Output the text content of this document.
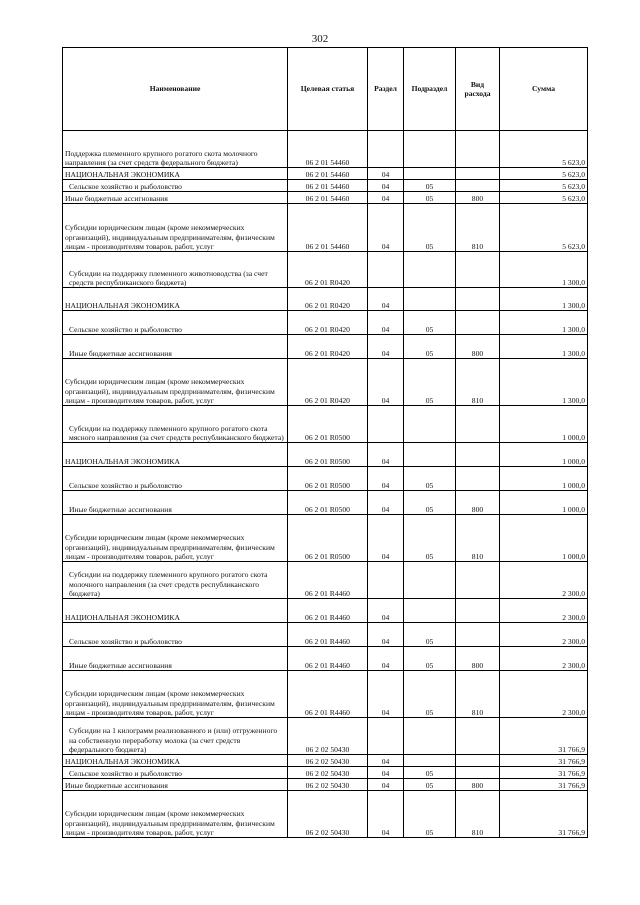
302
Наименование	Целевая статья	Раздел	Подраздел	Вид расхода	Сумма
Поддержка племенного крупного рогатого скота молочного направления (за счет средств федерального бюджета)	06 2 01 54460				5 623,0
НАЦИОНАЛЬНАЯ ЭКОНОМИКА	06 2 01 54460	04			5 623,0
Сельское хозяйство и рыболовство	06 2 01 54460	04	05		5 623,0
Иные бюджетные ассигнования	06 2 01 54460	04	05	800	5 623,0
Субсидии юридическим лицам (кроме некоммерческих организаций), индивидуальным предпринимателям, физическим лицам - производителям товаров, работ, услуг	06 2 01 54460	04	05	810	5 623,0
Субсидии на поддержку племенного животноводства (за счет средств республиканского бюджета)	06 2 01 R0420				1 300,0
НАЦИОНАЛЬНАЯ ЭКОНОМИКА	06 2 01 R0420	04			1 300,0
Сельское хозяйство и рыболовство	06 2 01 R0420	04	05		1 300,0
Иные бюджетные ассигнования	06 2 01 R0420	04	05	800	1 300,0
Субсидии юридическим лицам (кроме некоммерческих организаций), индивидуальным предпринимателям, физическим лицам - производителям товаров, работ, услуг	06 2 01 R0420	04	05	810	1 300,0
Субсидии на поддержку племенного крупного рогатого скота мясного направления (за счет средств республиканского бюджета)	06 2 01 R0500				1 000,0
НАЦИОНАЛЬНАЯ ЭКОНОМИКА	06 2 01 R0500	04			1 000,0
Сельское хозяйство и рыболовство	06 2 01 R0500	04	05		1 000,0
Иные бюджетные ассигнования	06 2 01 R0500	04	05	800	1 000,0
Субсидии юридическим лицам (кроме некоммерческих организаций), индивидуальным предпринимателям, физическим лицам - производителям товаров, работ, услуг	06 2 01 R0500	04	05	810	1 000,0
Субсидии на поддержку племенного крупного рогатого скота молочного направления (за счет средств республиканского бюджета)	06 2 01 R4460				2 300,0
НАЦИОНАЛЬНАЯ ЭКОНОМИКА	06 2 01 R4460	04			2 300,0
Сельское хозяйство и рыболовство	06 2 01 R4460	04	05		2 300,0
Иные бюджетные ассигнования	06 2 01 R4460	04	05	800	2 300,0
Субсидии юридическим лицам (кроме некоммерческих организаций), индивидуальным предпринимателям, физическим лицам - производителям товаров, работ, услуг	06 2 01 R4460	04	05	810	2 300,0
Субсидии на 1 килограмм реализованного и (или) отгруженного на собственную переработку молока (за счет средств федерального бюджета)	06 2 02 50430				31 766,9
НАЦИОНАЛЬНАЯ ЭКОНОМИКА	06 2 02 50430	04			31 766,9
Сельское хозяйство и рыболовство	06 2 02 50430	04	05		31 766,9
Иные бюджетные ассигнования	06 2 02 50430	04	05	800	31 766,9
Субсидии юридическим лицам (кроме некоммерческих организаций), индивидуальным предпринимателям, физическим лицам - производителям товаров, работ, услуг	06 2 02 50430	04	05	810	31 766,9
